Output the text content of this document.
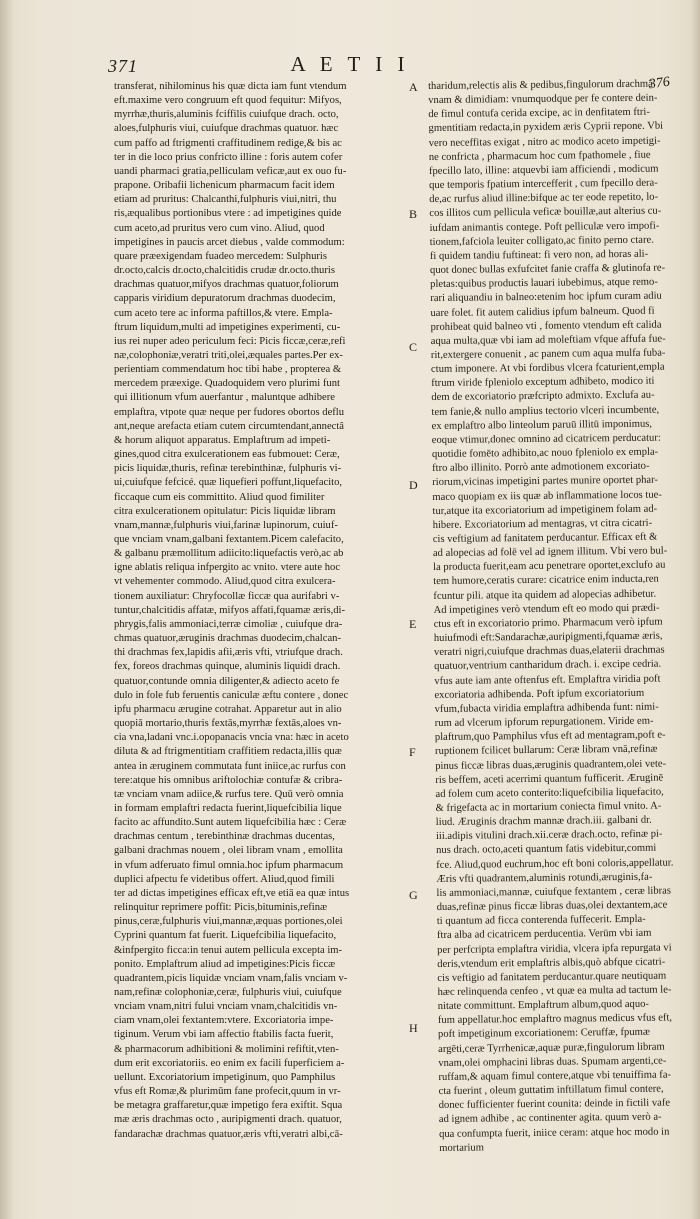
371	A E T I I
376
A
B
C
D
E
F
G
H
transferat, nihilominus his quæ dicta iam funt vtendum
eft.maxime vero congruum eft quod fequitur: Mifyos,
myrrhæ,thuris,aluminis fciffilis cuiufque drach. octo,
aloes,fulphuris viui, cuiufque drachmas quatuor. hæc
cum paffo ad ftrigmenti craffitudinem redige,& bis ac
ter in die loco prius confricto illine : foris autem cofer
uandi pharmaci gratia,pelliculam veficæ,aut ex ouo fu-
prapone. Oribafii lichenicum pharmacum facit idem
etiam ad pruritus: Chalcanthi,fulphuris viui,nitri, thu
ris,æqualibus portionibus vtere : ad impetigines quide
cum aceto,ad pruritus vero cum vino. Aliud, quod
impetigines in paucis arcet diebus , valde commodum:
quare præexigendam fuadeo mercedem: Sulphuris
dr.octo,calcis dr.octo,chalcitidis crudæ dr.octo.thuris
drachmas quatuor,mifyos drachmas quatuor,foliorum
capparis viridium depuratorum drachmas duodecim,
cum aceto tere ac informa paftillos,& vtere. Empla-
ftrum liquidum,multi ad impetigines experimenti, cu-
ius rei nuper adeo periculum feci: Picis ficcæ,ceræ,refi
næ,colophoniæ,veratri triti,olei,æquales partes.Per ex-
perientiam commendatum hoc tibi habe , propterea &
mercedem præexige. Quadoquidem vero plurimi funt
qui illitionum vfum auerfantur , maluntque adhibere
emplaftra, vtpote quæ neque per fudores obortos deflu
ant,neque arefacta etiam cutem circumtendant,annectâ
& horum aliquot apparatus. Emplaftrum ad impeti-
gines,quod citra exulcerationem eas fubmouet: Ceræ,
picis liquidæ,thuris, refinæ terebinthinæ, fulphuris vi-
ui,cuiufque fefcicé. quæ liquefieri poffunt,liquefacito,
ficcaque cum eis committito. Aliud quod fimiliter
citra exulcerationem opitulatur: Picis liquidæ libram
vnam,mannæ,fulphuris viui,farinæ lupinorum, cuiuf-
que vnciam vnam,galbani fextantem.Picem calefacito,
& galbanu præmollitum adiicito:liquefactis verò,ac ab
igne ablatis reliqua infpergito ac vnito. vtere aute hoc
vt vehementer commodo. Aliud,quod citra exulcera-
tionem auxiliatur: Chryfocollæ ficcæ qua aurifabri v-
tuntur,chalcitidis affatæ, mifyos affati,fquamæ æris,di-
phrygis,falis ammoniaci,terræ cimoliæ , cuiufque dra-
chmas quatuor,æruginis drachmas duodecim,chalcan-
thi drachmas fex,lapidis afii,æris vfti, vtriufque drach.
fex, foreos drachmas quinque, aluminis liquidi drach.
quatuor,contunde omnia diligenter,& adiecto aceto fe
dulo in fole fub feruentis caniculæ æftu contere , donec
ipfu pharmacu ærugine cotrahat. Apparetur aut in alio
quopiā mortario,thuris fextās,myrrhæ fextās,aloes vn-
cia vna,ladani vnc.i.opopanacis vncia vna: hæc in aceto
diluta & ad ftrigmentitiam craffitiem redacta,illis quæ
antea in æruginem commutata funt iniice,ac rurfus con
tere:atque his omnibus ariftolochiæ contufæ & cribra-
tæ vnciam vnam adiice,& rurfus tere. Quū verò omnia
in formam emplaftri redacta fuerint,liquefcibilia lique
facito ac affundito.Sunt autem liquefcibilia hæc : Ceræ
drachmas centum , terebinthinæ drachmas ducentas,
galbani drachmas nouem , olei libram vnam , emollita
in vfum adferuato fimul omnia.hoc ipfum pharmacum
duplici afpectu fe videtibus offert. Aliud,quod fimili
ter ad dictas impetigines efficax eft,ve etiā ea quæ intus
relinquitur reprimere poffit: Picis,bituminis,refinæ
pinus,ceræ,fulphuris viui,mannæ,æquas portiones,olei
Cyprini quantum fat fuerit. Liquefcibilia liquefacito,
&infpergito ficca:in tenui autem pellicula excepta im-
ponito. Emplaftrum aliud ad impetigines:Picis ficcæ
quadrantem,picis liquidæ vnciam vnam,falis vnciam v-
nam,refinæ colophoniæ,ceræ, fulphuris viui, cuiufque
vnciam vnam,nitri fului vnciam vnam,chalcitidis vn-
ciam vnam,olei fextantem:vtere. Excoriatoria impe-
tiginum. Verum vbi iam affectio ftabilis facta fuerit,
& pharmacorum adhibitioni & molimini refiftit,vten-
dum erit excoriatoriis. eo enim ex facili fuperficiem a-
uellunt. Excoriatorium impetiginum, quo Pamphilus
vfus eft Romæ,& plurimūm fane profecit,quum in vr-
be metagra graffaretur,quæ impetigo fera exiftit. Squa
mæ æris drachmas octo , auripigmenti drach. quatuor,
fandarachæ drachmas quatuor,æris vfti,veratri albi,cā-
tharidum,relectis alis & pedibus,fingulorum drachmā
vnam & dimidiam: vnumquodque per fe contere dein-
de fimul contufa cerida excipe, ac in denfitatem ftri-
gmentitiam redacta,in pyxidem æris Cyprii repone. Vbi
vero neceffitas exigat , nitro ac modico aceto impetigi-
ne confricta , pharmacum hoc cum fpathomele , fiue
fpecillo lato, illine: atquevbi iam afficiendi , modicum
que temporis fpatium intercefferit , cum fpecillo dera-
de,ac rurfus aliud illine:bifque ac ter eode repetito, lo-
cos illitos cum pellicula veficæ bouillæ,aut alterius cu-
iufdam animantis contege. Poft pelliculæ vero impofi-
tionem,fafciola leuiter colligato,ac finito perno ctare.
fi quidem tandiu fuftineat: fi vero non, ad horas ali-
quot donec bullas exfufcitet fanie craffa & glutinofa re-
pletas:quibus productis lauari iubebimus, atque remo-
rari aliquandiu in balneo:etenim hoc ipfum curam adiu
uare folet. fit autem calidius ipfum balneum. Quod fi
prohibeat quid balneo vti , fomento vtendum eft calida
aqua multa,quæ vbi iam ad moleftiam vfque affufa fue-
rit,extergere conuenit , ac panem cum aqua mulfa fuba-
ctum imponere. At vbi fordibus vlcera fcaturient,empla
ftrum viride fpleniolo exceptum adhibeto, modico iti
dem de excoriatorio præfcripto admixto. Exclufa au-
tem fanie,& nullo amplius tectorio vlceri incumbente,
ex emplaftro albo linteolum paruū illitū imponimus,
eoque vtimur,donec omnino ad cicatricem perducatur:
quotidie fomēto adhibito,ac nouo fpleniolo ex empla-
ftro albo illinito. Porrò ante admotionem excoriato-
riorum,vicinas impetigini partes munire oportet phar-
maco quopiam ex iis quæ ab inflammatione locos tue-
tur,atque ita excoriatorium ad impetiginem folam ad-
hibere. Excoriatorium ad mentagras, vt citra cicatri-
cis veftigium ad fanitatem perducantur. Efficax eft &
ad alopecias ad folē vel ad ignem illitum. Vbi vero bul-
la producta fuerit,eam acu penetrare oportet,exclufo au
tem humore,ceratis curare: cicatrice enim inducta,ren
fcuntur pili. atque ita quidem ad alopecias adhibetur.
Ad impetigines verò vtendum eft eo modo qui prædi-
ctus eft in excoriatorio primo. Pharmacum verò ipfum
huiufmodi eft:Sandarachæ,auripigmenti,fquamæ æris,
veratri nigri,cuiufque drachmas duas,elaterii drachmas
quatuor,ventrium cantharidum drach. i. excipe cedria.
vfus aute iam ante oftenfus eft. Emplaftra viridia poft
excoriatoria adhibenda. Poft ipfum excoriatorium
vfum,fubacta viridia emplaftra adhibenda funt: nimi-
rum ad vlcerum ipforum repurgationem. Viride em-
plaftrum,quo Pamphilus vfus eft ad mentagram,poft e-
ruptionem fcilicet bullarum: Ceræ libram vnā,refinæ
pinus ficcæ libras duas,æruginis quadrantem,olei vete-
ris beffem, aceti acerrimi quantum fufficerit. Æruginē
ad folem cum aceto conterito:liquefcibilia liquefacito,
& frigefacta ac in mortarium coniecta fimul vnito. A-
liud. Æruginis drachm mannæ drach.iii. galbani dr.
iii.adipis vitulini drach.xii.ceræ drach.octo, refinæ pi-
nus drach. octo,aceti quantum fatis videbitur,commi
fce. Aliud,quod euchrum,hoc eft boni coloris,appellatur.
Æris vfti quadrantem,aluminis rotundi,æruginis,fa-
lis ammoniaci,mannæ, cuiufque fextantem , ceræ libras
duas,refinæ pinus ficcæ libras duas,olei dextantem,ace
ti quantum ad ficca conterenda fuffecerit. Empla-
ftra alba ad cicatricem perducentia. Verūm vbi iam
per perfcripta emplaftra viridia, vlcera ipfa repurgata vi
deris,vtendum erit emplaftris albis,quò abfque cicatri-
cis veftigio ad fanitatem perducantur.quare neutiquam
hæc relinquenda cenfeo , vt quæ ea multa ad tactum le-
nitate committunt. Emplaftrum album,quod aquo-
fum appellatur.hoc emplaftro magnus medicus vfus eft,
poft impetiginum excoriationem: Ceruffæ, fpumæ
argēti,ceræ Tyrrhenicæ,aquæ puræ,fingulorum libram
vnam,olei omphacini libras duas. Spumam argenti,ce-
ruffam,& aquam fimul contere,atque vbi tenuiffima fa-
cta fuerint , oleum guttatim inftillatum fimul contere,
donec fufficienter fuerint counita: deinde in fictili vafe
ad ignem adhibe , ac continenter agita. quum verò a-
qua confumpta fuerit, iniice ceram: atque hoc modo in
mortarium
